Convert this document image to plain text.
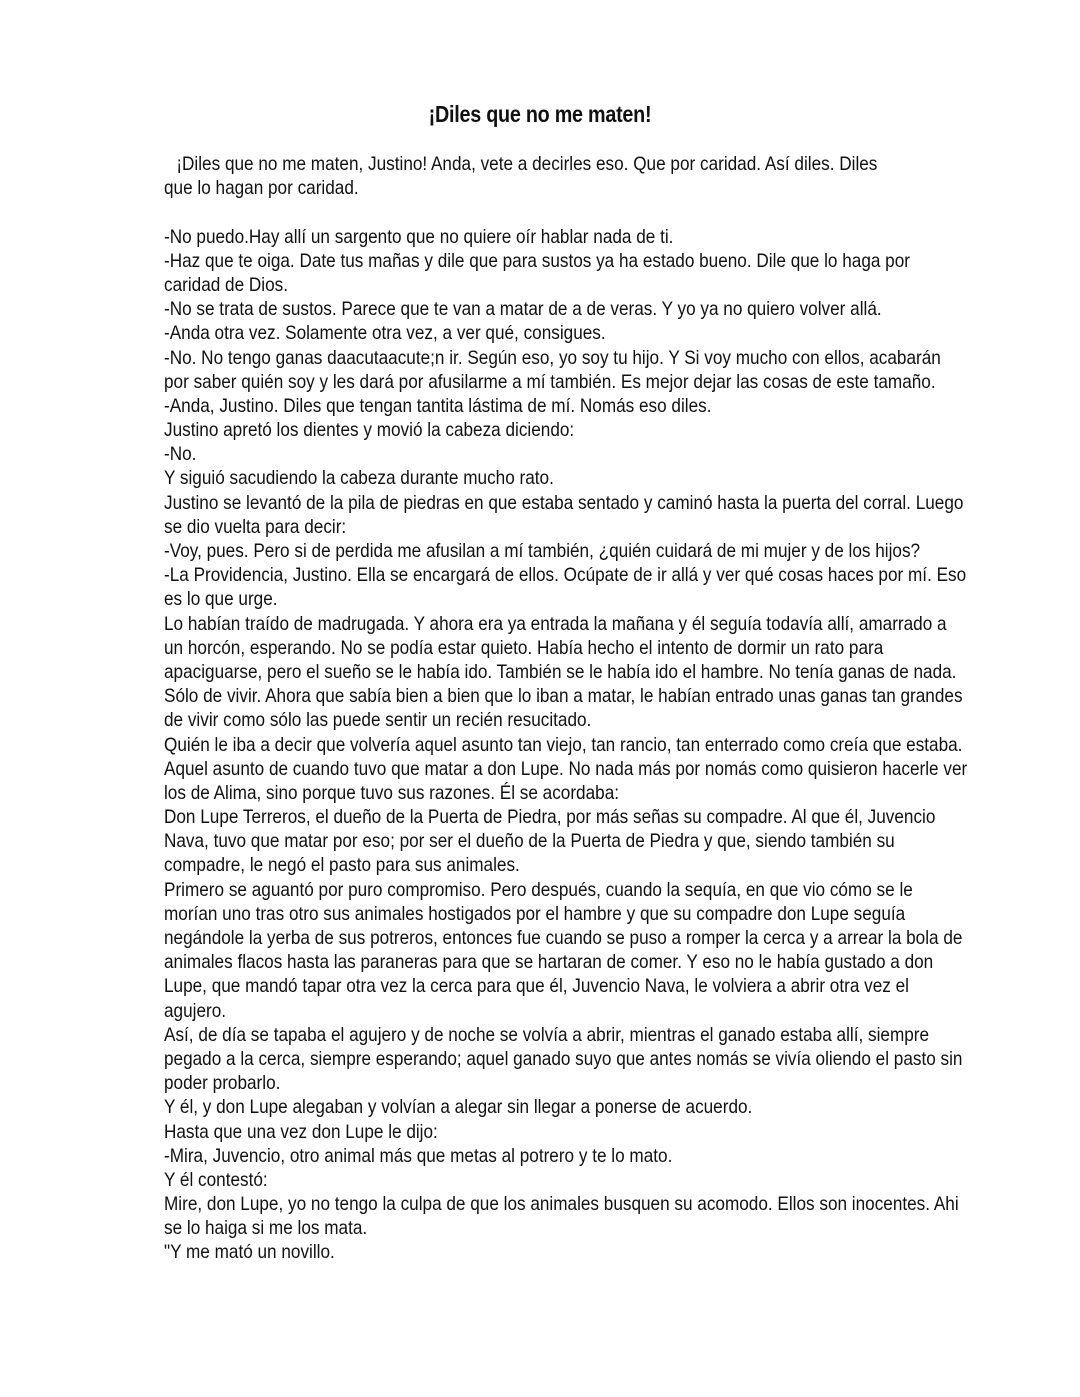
¡Diles que no me maten!
¡Diles que no me maten, Justino! Anda, vete a decirles eso. Que por caridad. Así diles. Diles
que lo hagan por caridad.
-No puedo.Hay allí un sargento que no quiere oír hablar nada de ti.
-Haz que te oiga. Date tus mañas y dile que para sustos ya ha estado bueno. Dile que lo haga por
caridad de Dios.
-No se trata de sustos. Parece que te van a matar de a de veras. Y yo ya no quiero volver allá.
-Anda otra vez. Solamente otra vez, a ver qué, consigues.
-No. No tengo ganas daacutaacute;n ir. Según eso, yo soy tu hijo. Y Si voy mucho con ellos, acabarán
por saber quién soy y les dará por afusilarme a mí también. Es mejor dejar las cosas de este tamaño.
-Anda, Justino. Diles que tengan tantita lástima de mí. Nomás eso diles.
Justino apretó los dientes y movió la cabeza diciendo:
-No.
Y siguió sacudiendo la cabeza durante mucho rato.
Justino se levantó de la pila de piedras en que estaba sentado y caminó hasta la puerta del corral. Luego
se dio vuelta para decir:
-Voy, pues. Pero si de perdida me afusilan a mí también, ¿quién cuidará de mi mujer y de los hijos?
-La Providencia, Justino. Ella se encargará de ellos. Ocúpate de ir allá y ver qué cosas haces por mí. Eso
es lo que urge.
Lo habían traído de madrugada. Y ahora era ya entrada la mañana y él seguía todavía allí, amarrado a
un horcón, esperando. No se podía estar quieto. Había hecho el intento de dormir un rato para
apaciguarse, pero el sueño se le había ido. También se le había ido el hambre. No tenía ganas de nada.
Sólo de vivir. Ahora que sabía bien a bien que lo iban a matar, le habían entrado unas ganas tan grandes
de vivir como sólo las puede sentir un recién resucitado.
Quién le iba a decir que volvería aquel asunto tan viejo, tan rancio, tan enterrado como creía que estaba.
Aquel asunto de cuando tuvo que matar a don Lupe. No nada más por nomás como quisieron hacerle ver
los de Alima, sino porque tuvo sus razones. Él se acordaba:
Don Lupe Terreros, el dueño de la Puerta de Piedra, por más señas su compadre. Al que él, Juvencio
Nava, tuvo que matar por eso; por ser el dueño de la Puerta de Piedra y que, siendo también su
compadre, le negó el pasto para sus animales.
Primero se aguantó por puro compromiso. Pero después, cuando la sequía, en que vio cómo se le
morían uno tras otro sus animales hostigados por el hambre y que su compadre don Lupe seguía
negándole la yerba de sus potreros, entonces fue cuando se puso a romper la cerca y a arrear la bola de
animales flacos hasta las paraneras para que se hartaran de comer. Y eso no le había gustado a don
Lupe, que mandó tapar otra vez la cerca para que él, Juvencio Nava, le volviera a abrir otra vez el
agujero.
Así, de día se tapaba el agujero y de noche se volvía a abrir, mientras el ganado estaba allí, siempre
pegado a la cerca, siempre esperando; aquel ganado suyo que antes nomás se vivía oliendo el pasto sin
poder probarlo.
Y él, y don Lupe alegaban y volvían a alegar sin llegar a ponerse de acuerdo.
Hasta que una vez don Lupe le dijo:
-Mira, Juvencio, otro animal más que metas al potrero y te lo mato.
Y él contestó:
Mire, don Lupe, yo no tengo la culpa de que los animales busquen su acomodo. Ellos son inocentes. Ahi
se lo haiga si me los mata.
"Y me mató un novillo.
